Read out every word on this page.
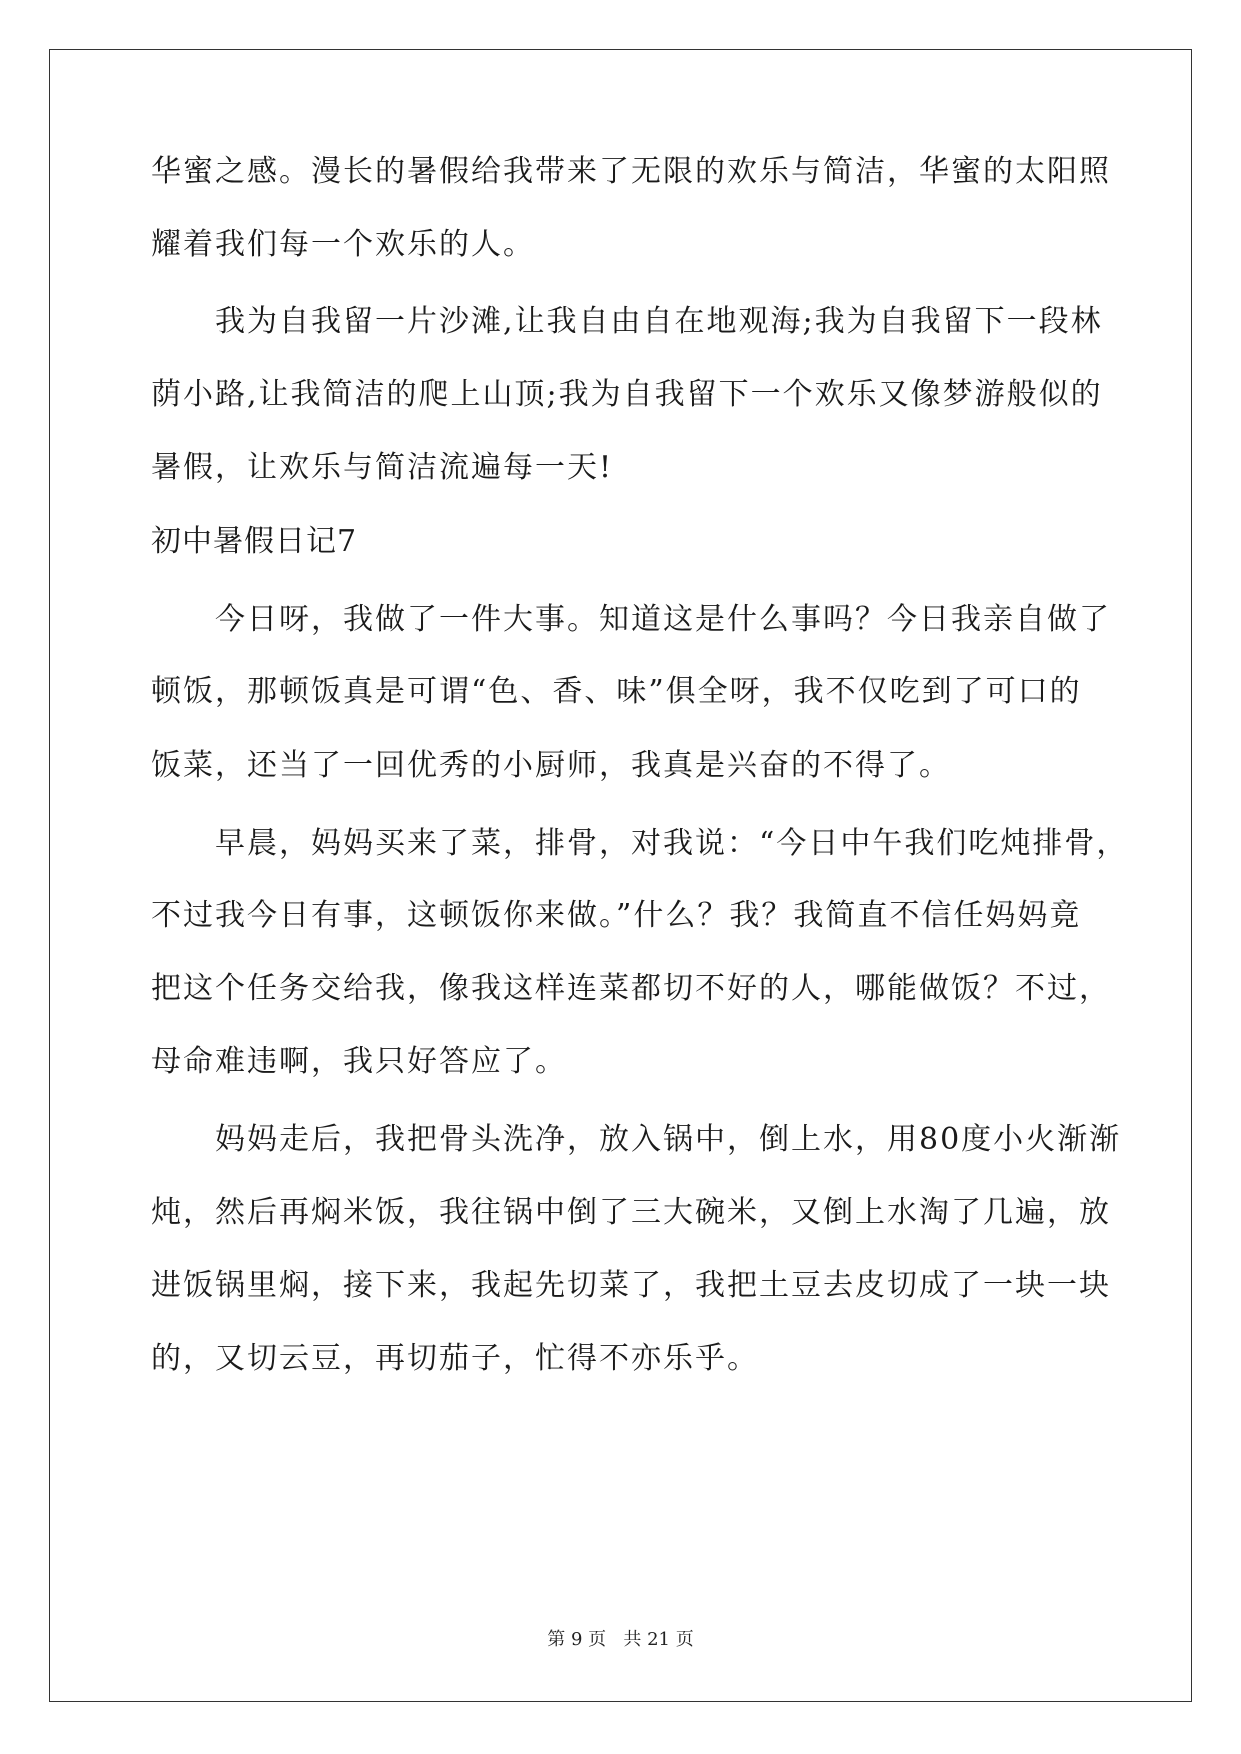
华蜜之感。漫长的暑假给我带来了无限的欢乐与简洁，华蜜的太阳照
耀着我们每一个欢乐的人。
我为自我留一片沙滩,让我自由自在地观海;我为自我留下一段林
荫小路,让我简洁的爬上山顶;我为自我留下一个欢乐又像梦游般似的
暑假，让欢乐与简洁流遍每一天!
初中暑假日记7
今日呀，我做了一件大事。知道这是什么事吗？今日我亲自做了
顿饭，那顿饭真是可谓“色、香、味”俱全呀，我不仅吃到了可口的
饭菜，还当了一回优秀的小厨师，我真是兴奋的不得了。
早晨，妈妈买来了菜，排骨，对我说：“今日中午我们吃炖排骨，
不过我今日有事，这顿饭你来做。”什么？我？我简直不信任妈妈竟
把这个任务交给我，像我这样连菜都切不好的人，哪能做饭？不过，
母命难违啊，我只好答应了。
妈妈走后，我把骨头洗净，放入锅中，倒上水，用80度小火渐渐
炖，然后再焖米饭，我往锅中倒了三大碗米，又倒上水淘了几遍，放
进饭锅里焖，接下来，我起先切菜了，我把土豆去皮切成了一块一块
的，又切云豆，再切茄子，忙得不亦乐乎。
第 9 页   共 21 页
